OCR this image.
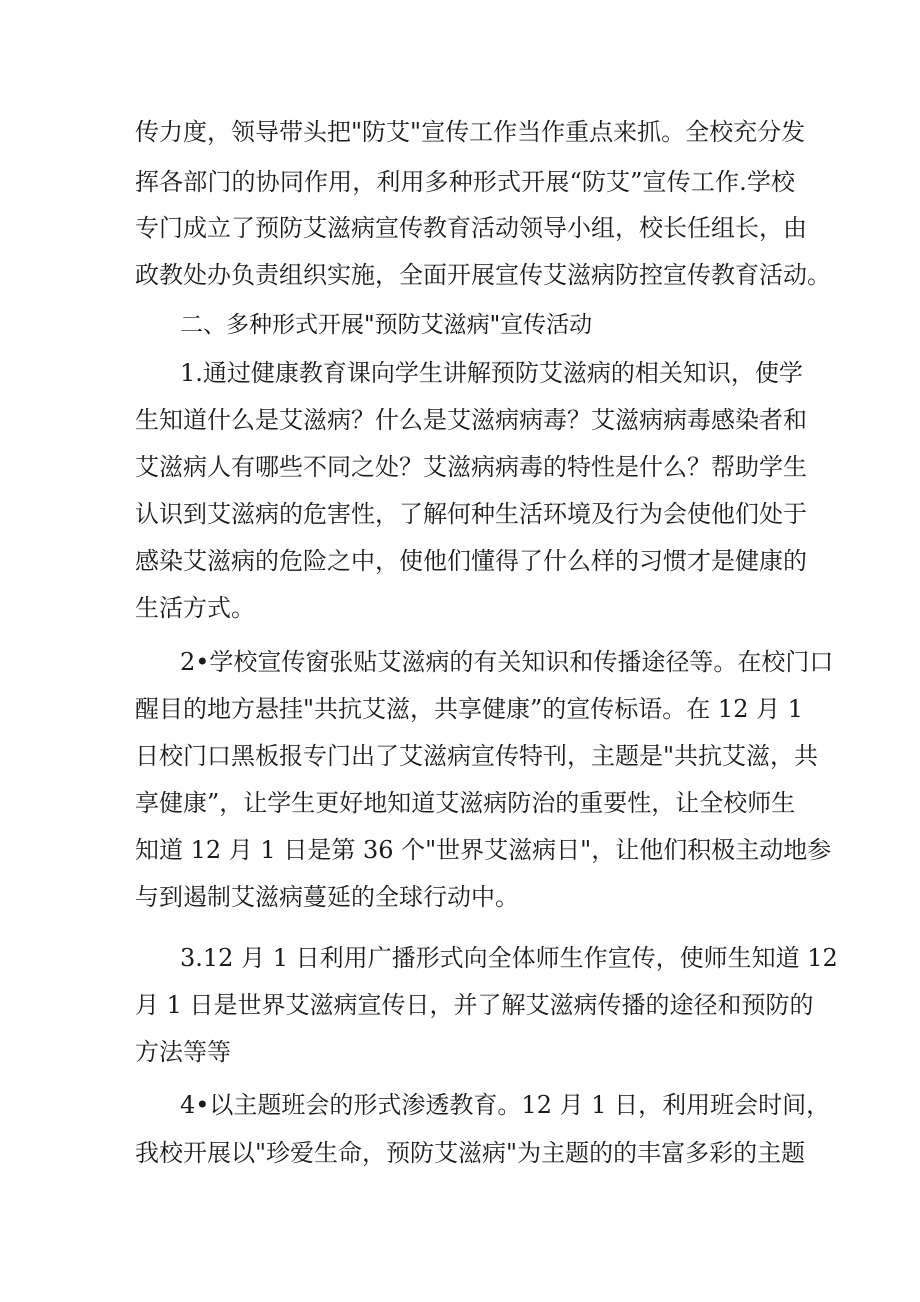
传力度，领导带头把"防艾"宣传工作当作重点来抓。全校充分发
挥各部门的协同作用，利用多种形式开展“防艾”宣传工作.学校
专门成立了预防艾滋病宣传教育活动领导小组，校长任组长，由
政教处办负责组织实施，全面开展宣传艾滋病防控宣传教育活动。
二、多种形式开展"预防艾滋病"宣传活动
1.通过健康教育课向学生讲解预防艾滋病的相关知识，使学
生知道什么是艾滋病？什么是艾滋病病毒？艾滋病病毒感染者和
艾滋病人有哪些不同之处？艾滋病病毒的特性是什么？帮助学生
认识到艾滋病的危害性，了解何种生活环境及行为会使他们处于
感染艾滋病的危险之中，使他们懂得了什么样的习惯才是健康的
生活方式。
2•学校宣传窗张贴艾滋病的有关知识和传播途径等。在校门口
醒目的地方悬挂"共抗艾滋，共享健康”的宣传标语。在 12 月 1
日校门口黑板报专门出了艾滋病宣传特刊，主题是"共抗艾滋，共
享健康”，让学生更好地知道艾滋病防治的重要性，让全校师生
知道 12 月 1 日是第 36 个"世界艾滋病日"，让他们积极主动地参
与到遏制艾滋病蔓延的全球行动中。
3.12 月 1 日利用广播形式向全体师生作宣传，使师生知道 12
月 1 日是世界艾滋病宣传日，并了解艾滋病传播的途径和预防的
方法等等
4•以主题班会的形式渗透教育。12 月 1 日，利用班会时间，
我校开展以"珍爱生命，预防艾滋病"为主题的的丰富多彩的主题
